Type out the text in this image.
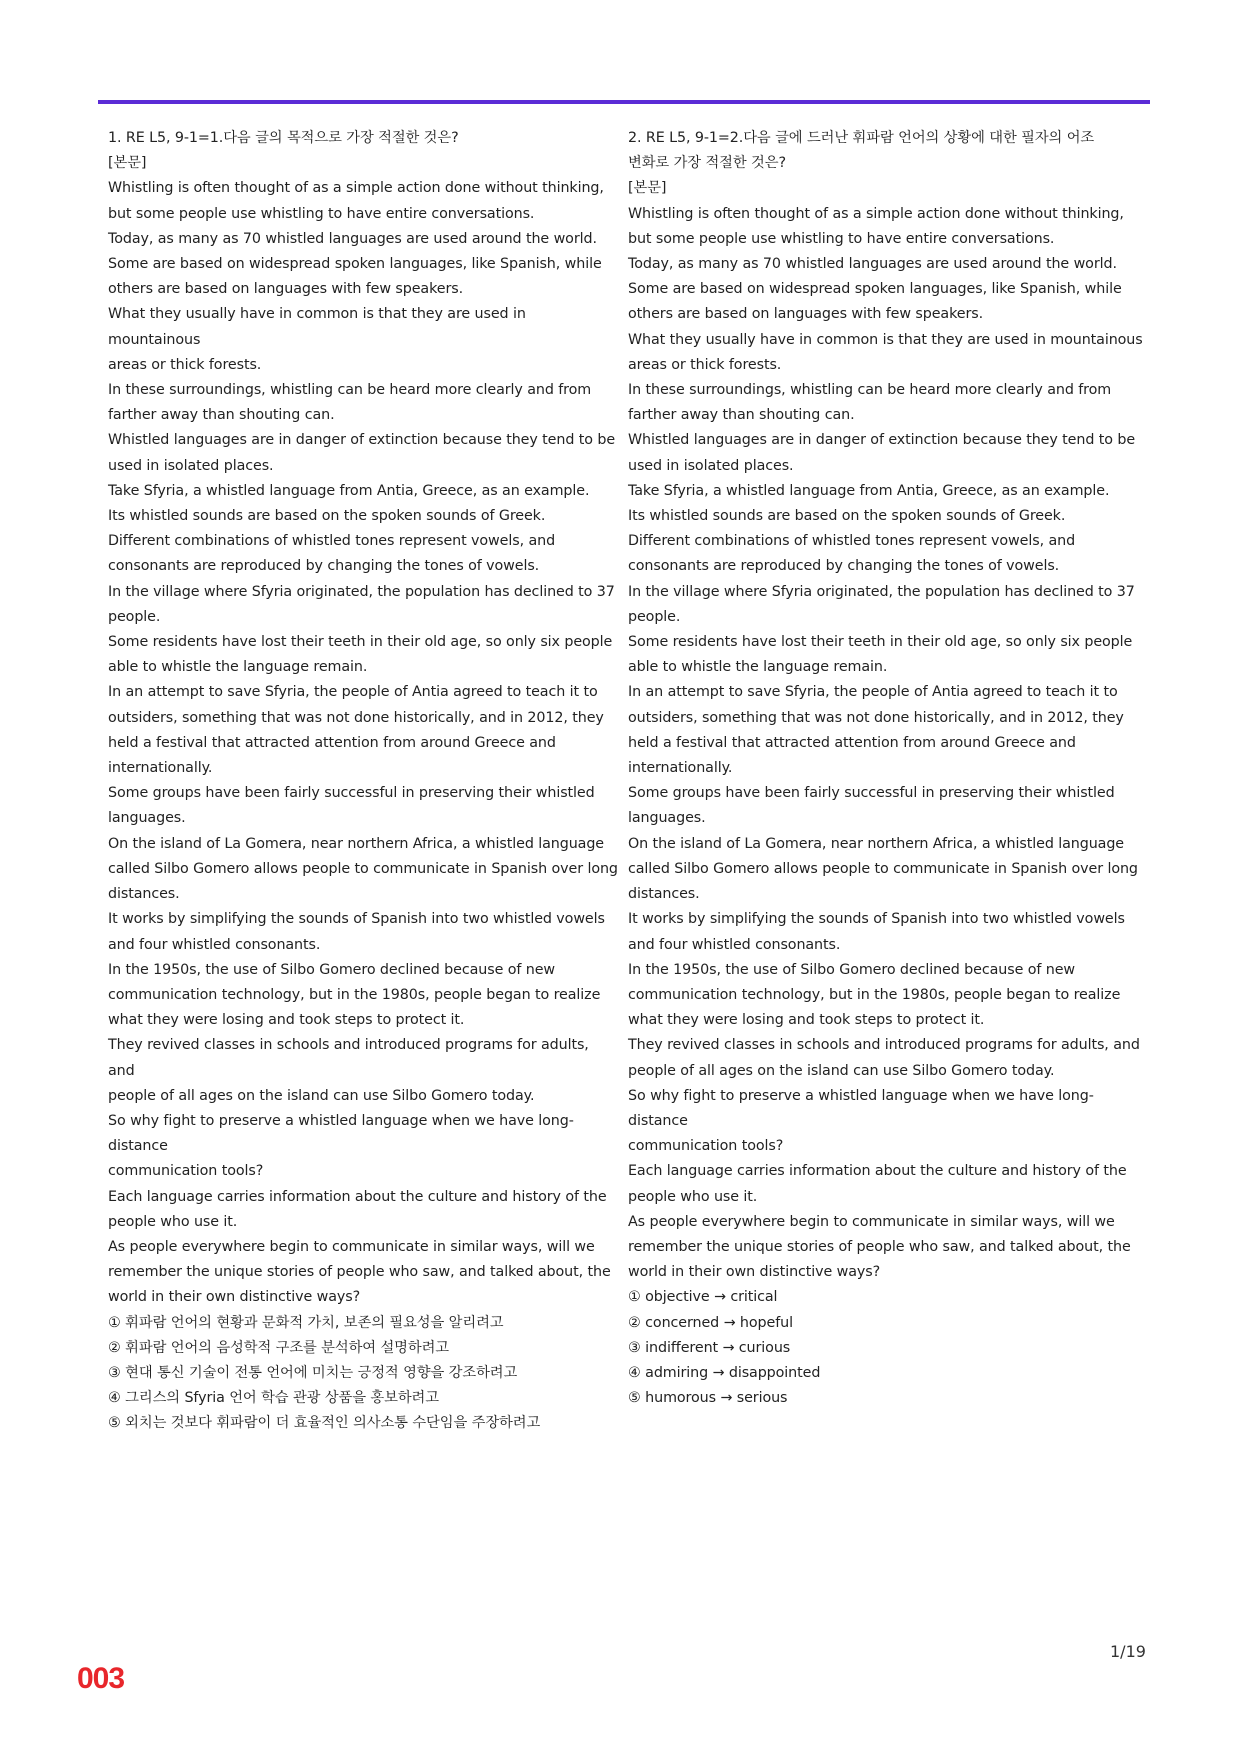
1. RE L5, 9-1=1.다음 글의 목적으로 가장 적절한 것은?
[본문]
Whistling is often thought of as a simple action done without thinking,
but some people use whistling to have entire conversations.
Today, as many as 70 whistled languages are used around the world.
Some are based on widespread spoken languages, like Spanish, while
others are based on languages with few speakers.
What they usually have in common is that they are used in mountainous
areas or thick forests.
In these surroundings, whistling can be heard more clearly and from
farther away than shouting can.
Whistled languages are in danger of extinction because they tend to be
used in isolated places.
Take Sfyria, a whistled language from Antia, Greece, as an example.
Its whistled sounds are based on the spoken sounds of Greek.
Different combinations of whistled tones represent vowels, and
consonants are reproduced by changing the tones of vowels.
In the village where Sfyria originated, the population has declined to 37
people.
Some residents have lost their teeth in their old age, so only six people
able to whistle the language remain.
In an attempt to save Sfyria, the people of Antia agreed to teach it to
outsiders, something that was not done historically, and in 2012, they
held a festival that attracted attention from around Greece and
internationally.
Some groups have been fairly successful in preserving their whistled
languages.
On the island of La Gomera, near northern Africa, a whistled language
called Silbo Gomero allows people to communicate in Spanish over long
distances.
It works by simplifying the sounds of Spanish into two whistled vowels
and four whistled consonants.
In the 1950s, the use of Silbo Gomero declined because of new
communication technology, but in the 1980s, people began to realize
what they were losing and took steps to protect it.
They revived classes in schools and introduced programs for adults, and
people of all ages on the island can use Silbo Gomero today.
So why fight to preserve a whistled language when we have long-distance
communication tools?
Each language carries information about the culture and history of the
people who use it.
As people everywhere begin to communicate in similar ways, will we
remember the unique stories of people who saw, and talked about, the
world in their own distinctive ways?
① 휘파람 언어의 현황과 문화적 가치, 보존의 필요성을 알리려고
② 휘파람 언어의 음성학적 구조를 분석하여 설명하려고
③ 현대 통신 기술이 전통 언어에 미치는 긍정적 영향을 강조하려고
④ 그리스의 Sfyria 언어 학습 관광 상품을 홍보하려고
⑤ 외치는 것보다 휘파람이 더 효율적인 의사소통 수단임을 주장하려고
2. RE L5, 9-1=2.다음 글에 드러난 휘파람 언어의 상황에 대한 필자의 어조
변화로 가장 적절한 것은?
[본문]
Whistling is often thought of as a simple action done without thinking,
but some people use whistling to have entire conversations.
Today, as many as 70 whistled languages are used around the world.
Some are based on widespread spoken languages, like Spanish, while
others are based on languages with few speakers.
What they usually have in common is that they are used in mountainous
areas or thick forests.
In these surroundings, whistling can be heard more clearly and from
farther away than shouting can.
Whistled languages are in danger of extinction because they tend to be
used in isolated places.
Take Sfyria, a whistled language from Antia, Greece, as an example.
Its whistled sounds are based on the spoken sounds of Greek.
Different combinations of whistled tones represent vowels, and
consonants are reproduced by changing the tones of vowels.
In the village where Sfyria originated, the population has declined to 37
people.
Some residents have lost their teeth in their old age, so only six people
able to whistle the language remain.
In an attempt to save Sfyria, the people of Antia agreed to teach it to
outsiders, something that was not done historically, and in 2012, they
held a festival that attracted attention from around Greece and
internationally.
Some groups have been fairly successful in preserving their whistled
languages.
On the island of La Gomera, near northern Africa, a whistled language
called Silbo Gomero allows people to communicate in Spanish over long
distances.
It works by simplifying the sounds of Spanish into two whistled vowels
and four whistled consonants.
In the 1950s, the use of Silbo Gomero declined because of new
communication technology, but in the 1980s, people began to realize
what they were losing and took steps to protect it.
They revived classes in schools and introduced programs for adults, and
people of all ages on the island can use Silbo Gomero today.
So why fight to preserve a whistled language when we have long-distance
communication tools?
Each language carries information about the culture and history of the
people who use it.
As people everywhere begin to communicate in similar ways, will we
remember the unique stories of people who saw, and talked about, the
world in their own distinctive ways?
① objective → critical
② concerned → hopeful
③ indifferent → curious
④ admiring → disappointed
⑤ humorous → serious
1/19
003
